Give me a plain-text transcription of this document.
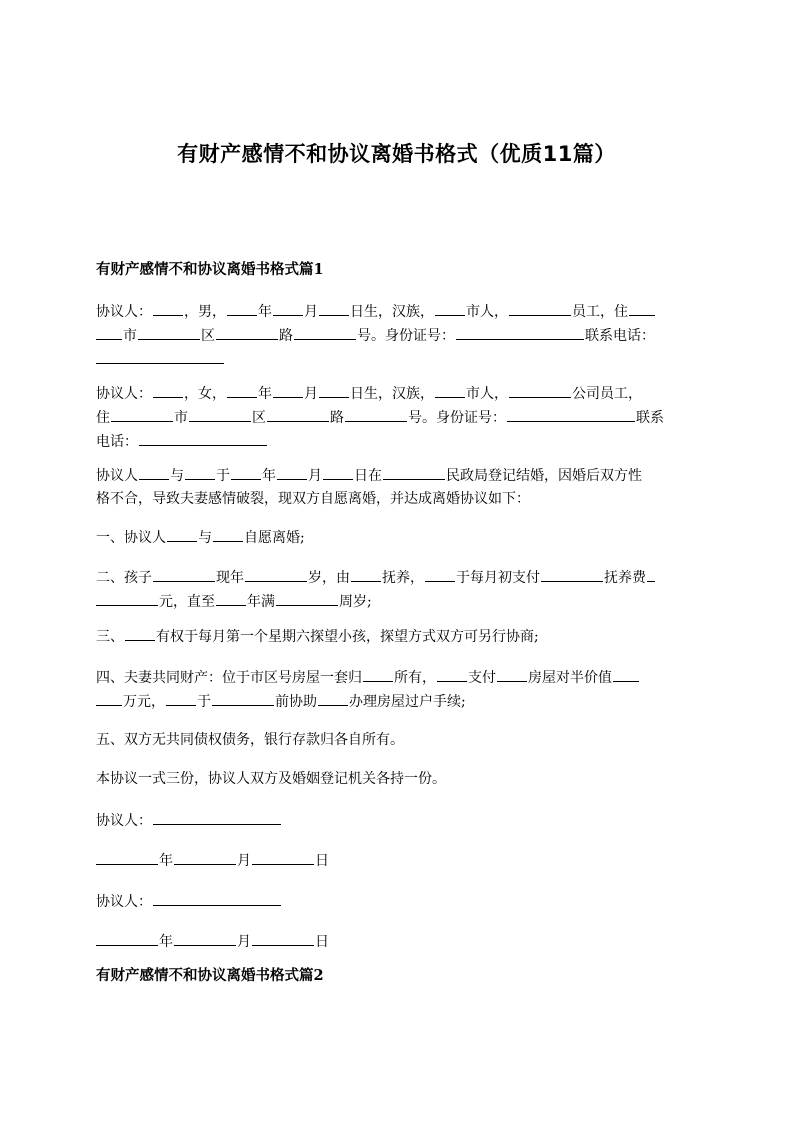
有财产感情不和协议离婚书格式（优质11篇）
有财产感情不和协议离婚书格式篇1
协议人： ，男， 年 月 日生，汉族， 市人，	员工，住
市	区	路	号。身份证号：	联系电话：
协议人： ，女， 年 月 日生，汉族， 市人，	公司员工，
住	市	区	路	号。身份证号：	联系
电话：
协议人 与 于 年 月 日在	民政局登记结婚，因婚后双方性
格不合，导致夫妻感情破裂，现双方自愿离婚，并达成离婚协议如下：
一、协议人 与 自愿离婚;
二、孩子	现年	岁，由 抚养， 于每月初支付	抚养费
元，直至 年满	周岁;
三、 有权于每月第一个星期六探望小孩，探望方式双方可另行协商;
四、夫妻共同财产：位于市区号房屋一套归 所有， 支付 房屋对半价值
万元， 于	前协助 办理房屋过户手续;
五、双方无共同债权债务，银行存款归各自所有。
本协议一式三份，协议人双方及婚姻登记机关各持一份。
协议人：
年	月	日
协议人：
年	月	日
有财产感情不和协议离婚书格式篇2
